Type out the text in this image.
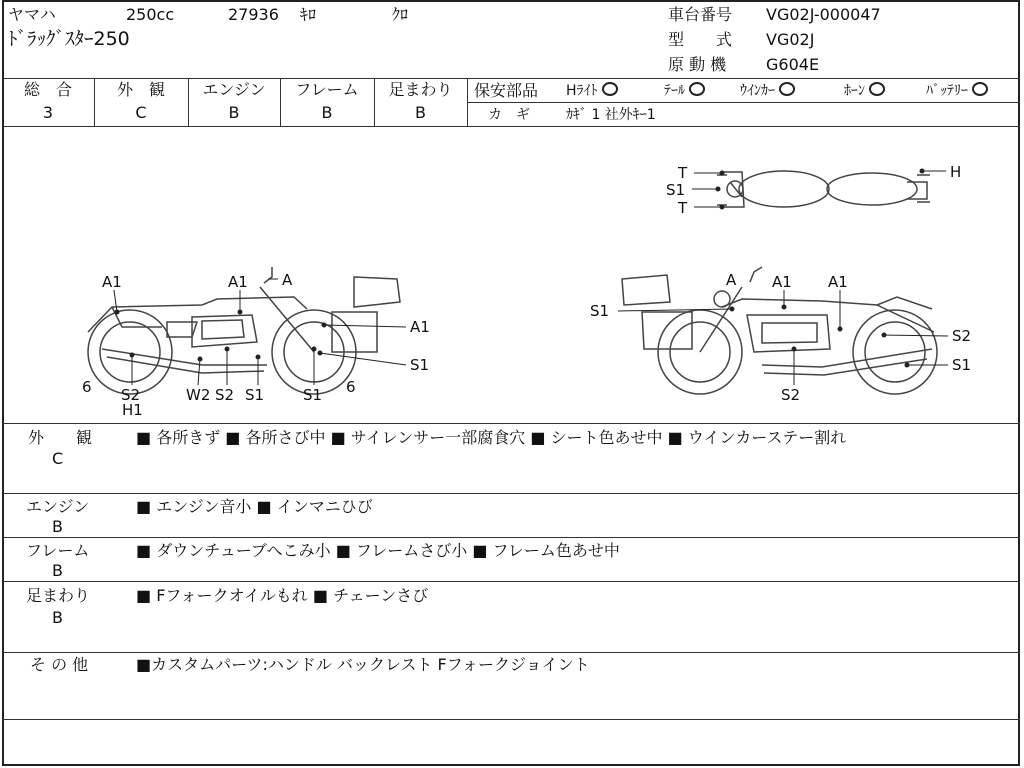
ヤマハ	250cc	27936 ｷﾛ	ｸﾛ
ﾄﾞﾗｯｸﾞｽﾀｰ250
車台番号 VG02J-000047
型　　式 VG02J
原 動 機 G604E
総　合
3
外　観
C
エンジン
B
フレーム
B
足まわり
B
保安部品 Hﾗｲﾄ	ﾃｰﾙ	ｳｲﾝｶｰ	ﾎｰﾝ	ﾊﾞｯﾃﾘｰ
カ　ギ	ｶｷﾞ 1 社外ｷｰ1
A1	A1 A
A1
S1
6 S2
H1
W2 S2 S1	S1 6
A A1 A1
S1
S2
S1
S2
T
S1
T
H
外　　観
C
■ 各所きず ■ 各所さび中 ■ サイレンサー一部腐食穴 ■ シート色あせ中 ■ ウインカーステー割れ
エンジン
B
■ エンジン音小 ■ インマニひび
フレーム
B
■ ダウンチューブへこみ小 ■ フレームさび小 ■ フレーム色あせ中
足まわり
B
■ Fフォークオイルもれ ■ チェーンさび
そ の 他	■カスタムパーツ:ハンドル バックレスト Fフォークジョイント
